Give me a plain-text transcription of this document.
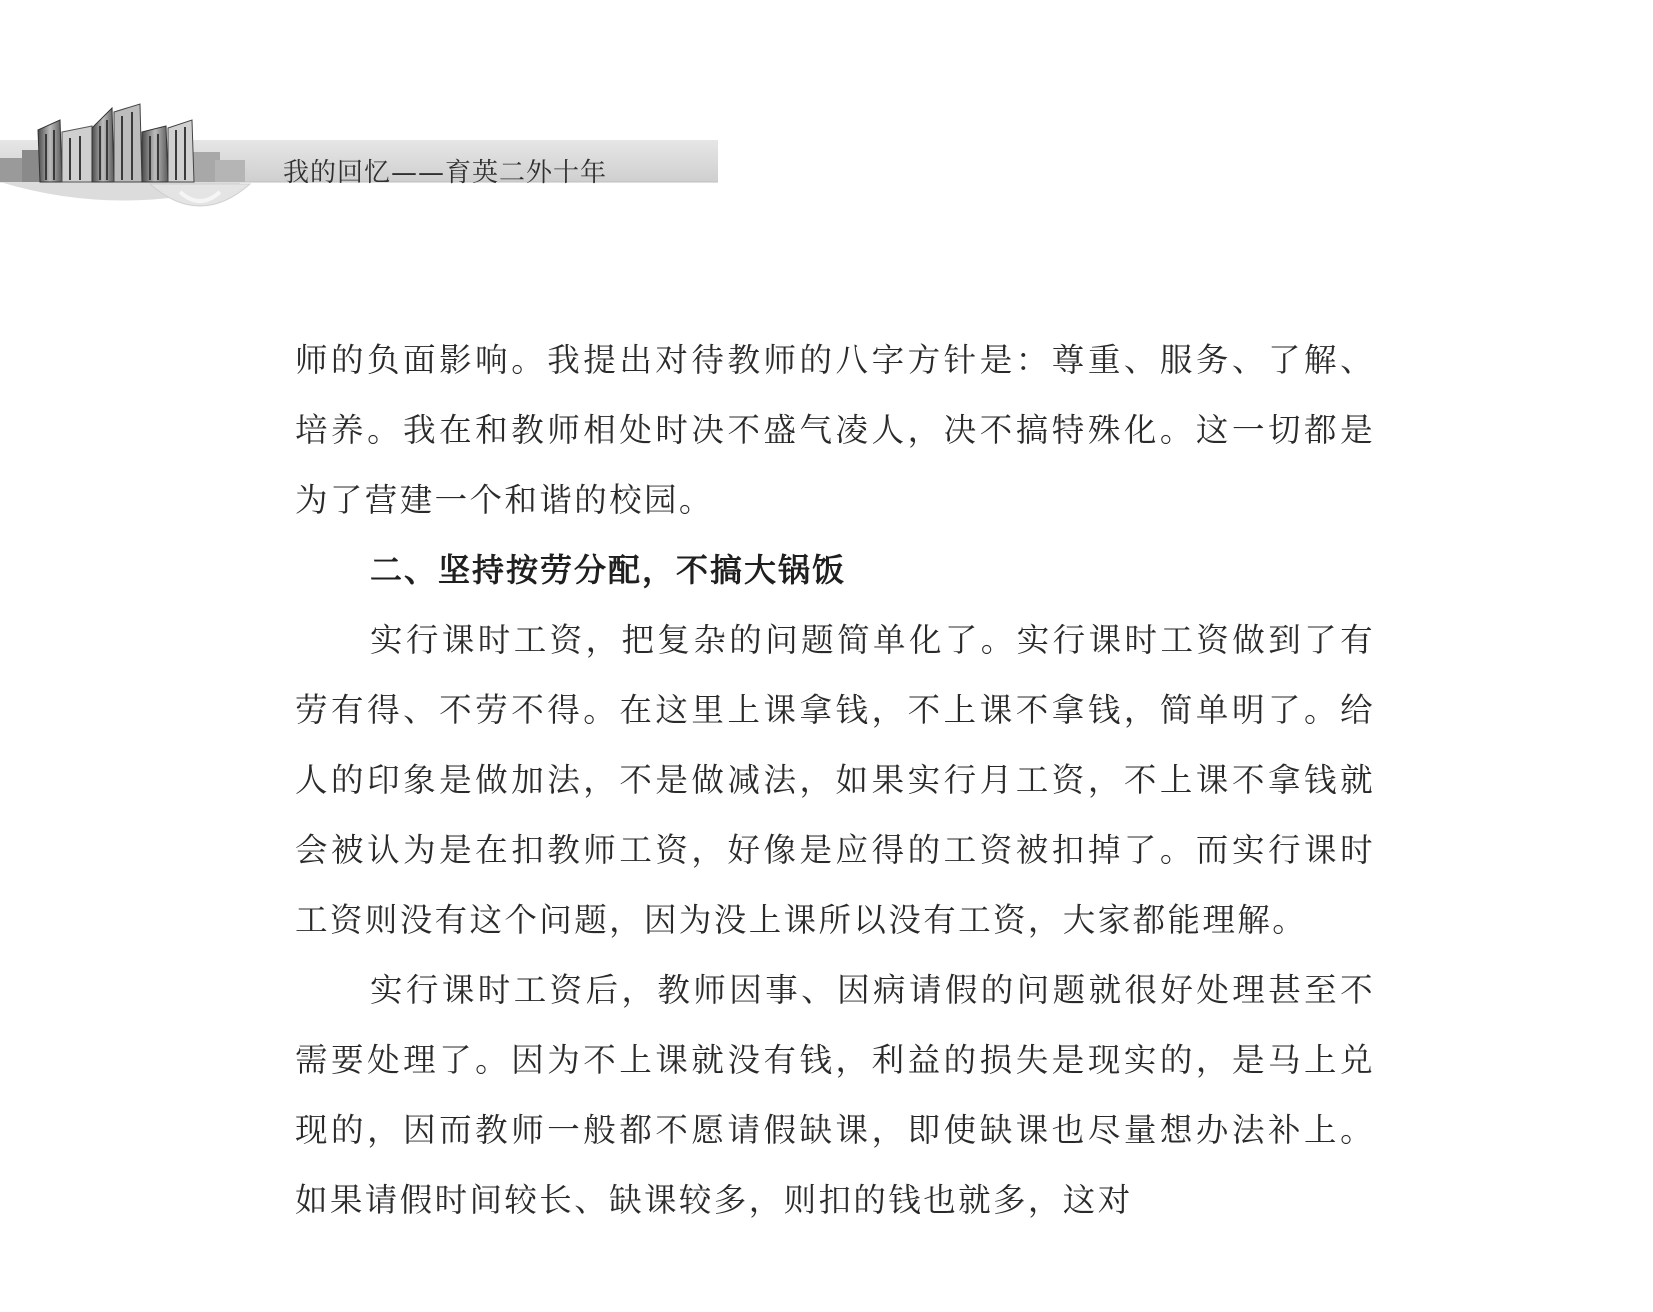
我的回忆——育英二外十年

师的负面影响。我提出对待教师的八字方针是：尊重、服务、了解、培养。我在和教师相处时决不盛气凌人，决不搞特殊化。这一切都是为了营建一个和谐的校园。

二、坚持按劳分配，不搞大锅饭

实行课时工资，把复杂的问题简单化了。实行课时工资做到了有劳有得、不劳不得。在这里上课拿钱，不上课不拿钱，简单明了。给人的印象是做加法，不是做减法，如果实行月工资，不上课不拿钱就会被认为是在扣教师工资，好像是应得的工资被扣掉了。而实行课时工资则没有这个问题，因为没上课所以没有工资，大家都能理解。

实行课时工资后，教师因事、因病请假的问题就很好处理甚至不需要处理了。因为不上课就没有钱，利益的损失是现实的，是马上兑现的，因而教师一般都不愿请假缺课，即使缺课也尽量想办法补上。如果请假时间较长、缺课较多，则扣的钱也就多，这对
